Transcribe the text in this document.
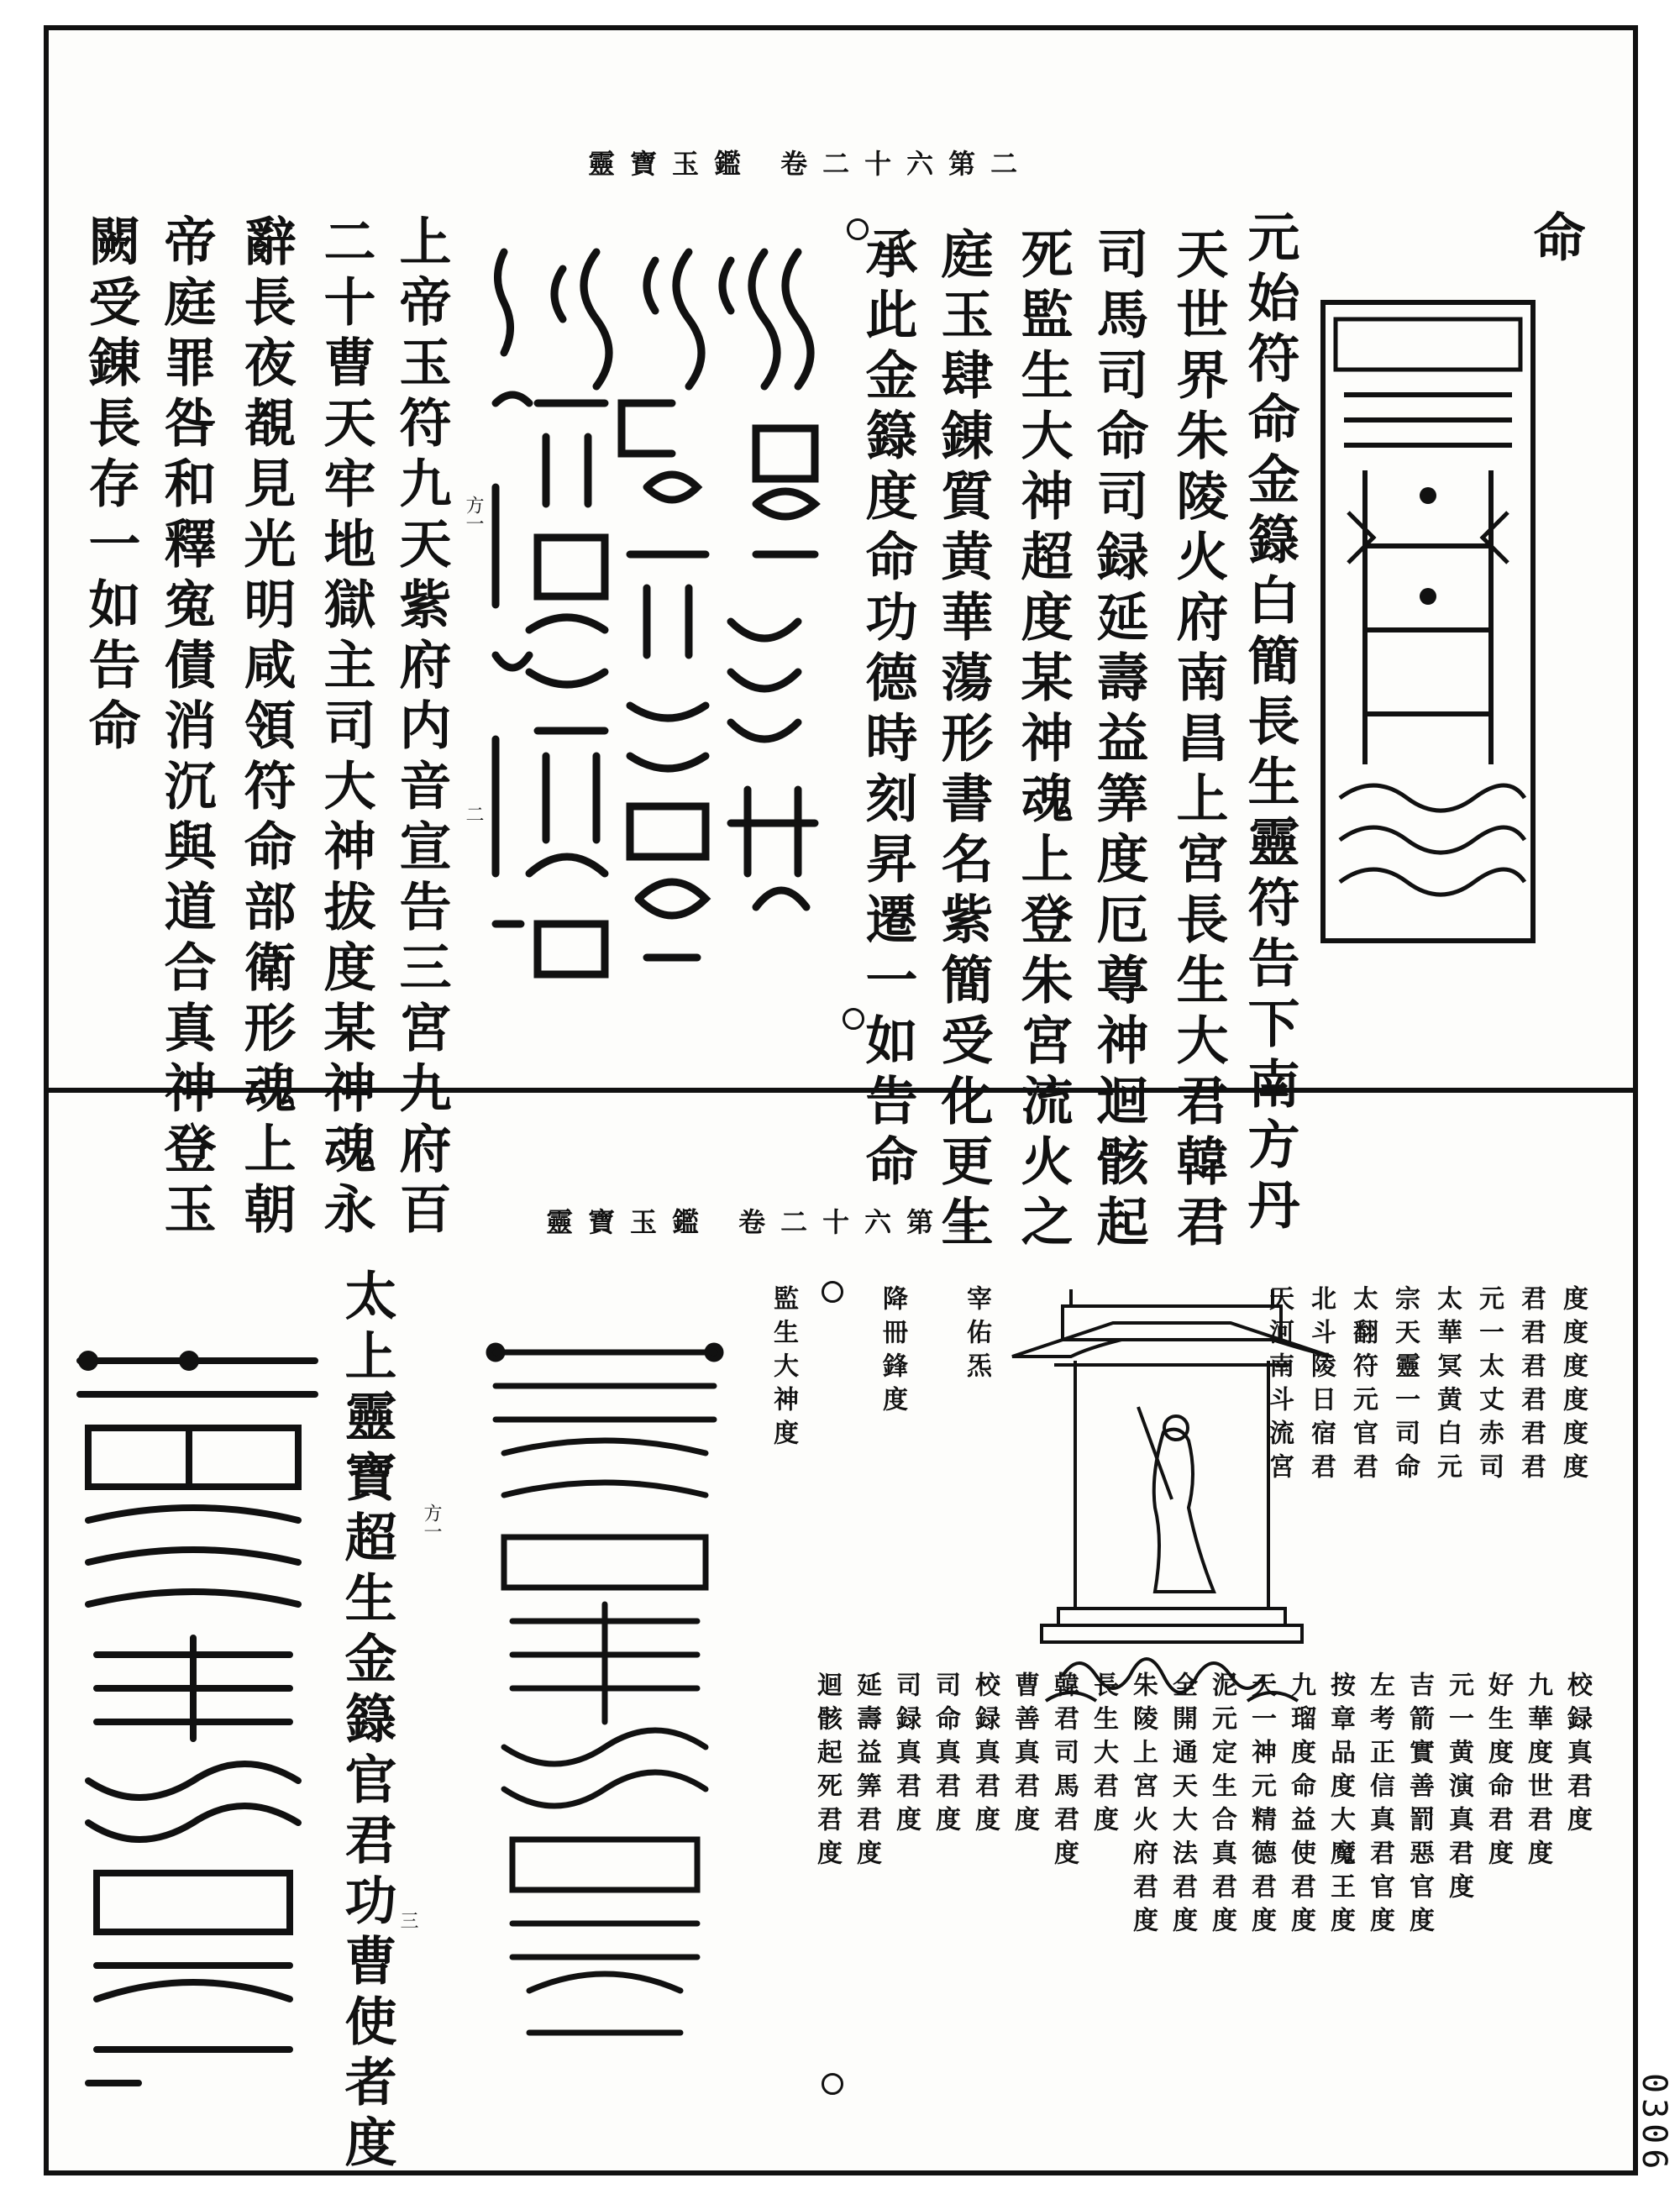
0306
靈寶玉鑑 卷二十六第二
命
元始符命金籙白簡長生靈符告下南方丹
天世界朱陵火府南昌上宮長生大君韓君
司馬司命司録延壽益筭度厄尊神迴骸起
死監生大神超度某神魂上登朱宮流火之
庭玉肆錬質黄華蕩形書名紫簡受化更生
承此金籙度命功德時刻昇遷一如告命
方一
二
上帝玉符九天紫府内音宣告三宮九府百
二十曹天牢地獄主司大神拔度某神魂永
辭長夜覩見光明咸領符命部衛形魂上朝
帝庭罪咎和釋寃債消沉與道合真神登玉
闕受錬長存一如告命
靈寶玉鑑 卷二十六第三
度度度度度度
君君君君君君
元一太丈赤司
太華冥黄白元
宗天靈一司命
太翻符元官君
北斗陵日宿君
天河南斗流宮
宰佑炁
降冊鋒度
監生大神度
校録真君度
九華度世君度
好生度命君度
元一黄演真君度
吉箭實善罰惡官度
左考正信真君官度
按章品度大魔王度
九瑠度命益使君度
天一神元精德君度
泥元定生合真君度
全開通天大法君度
朱陵上宮火府君度
長生大君度
韓君司馬君度
曹善真君度
校録真君度
司命真君度
司録真君度
延壽益筭君度
迴骸起死君度
方一
三
太上靈寶超生金籙官君功曹使者度
